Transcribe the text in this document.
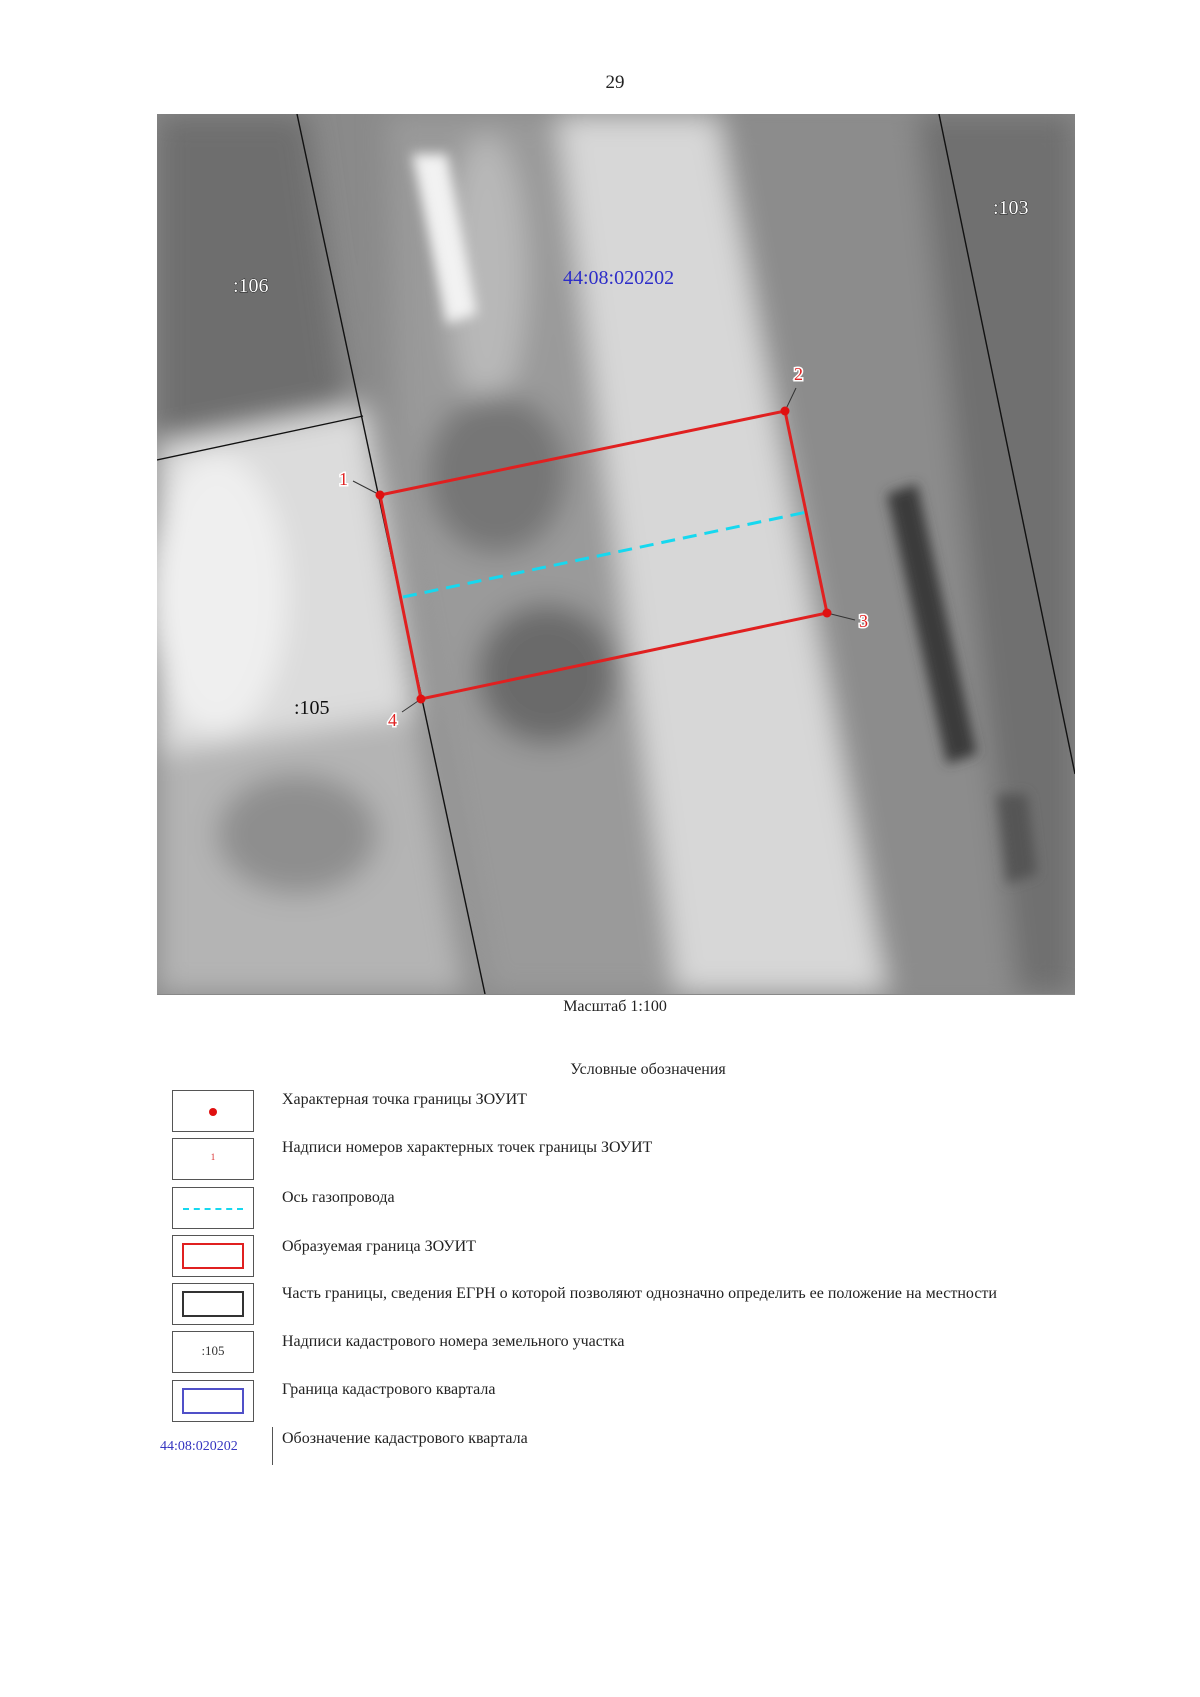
29
1
2
3
4
44:08:020202
:106
:103
:105
Масштаб 1:100
Условные обозначения
Характерная точка границы ЗОУИТ
1
Надписи номеров характерных точек границы ЗОУИТ
Ось газопровода
Образуемая граница ЗОУИТ
Часть границы, сведения ЕГРН о которой позволяют однозначно определить ее положение на местности
:105
Надписи кадастрового номера земельного участка
Граница кадастрового квартала
44:08:020202	Обозначение кадастрового квартала
